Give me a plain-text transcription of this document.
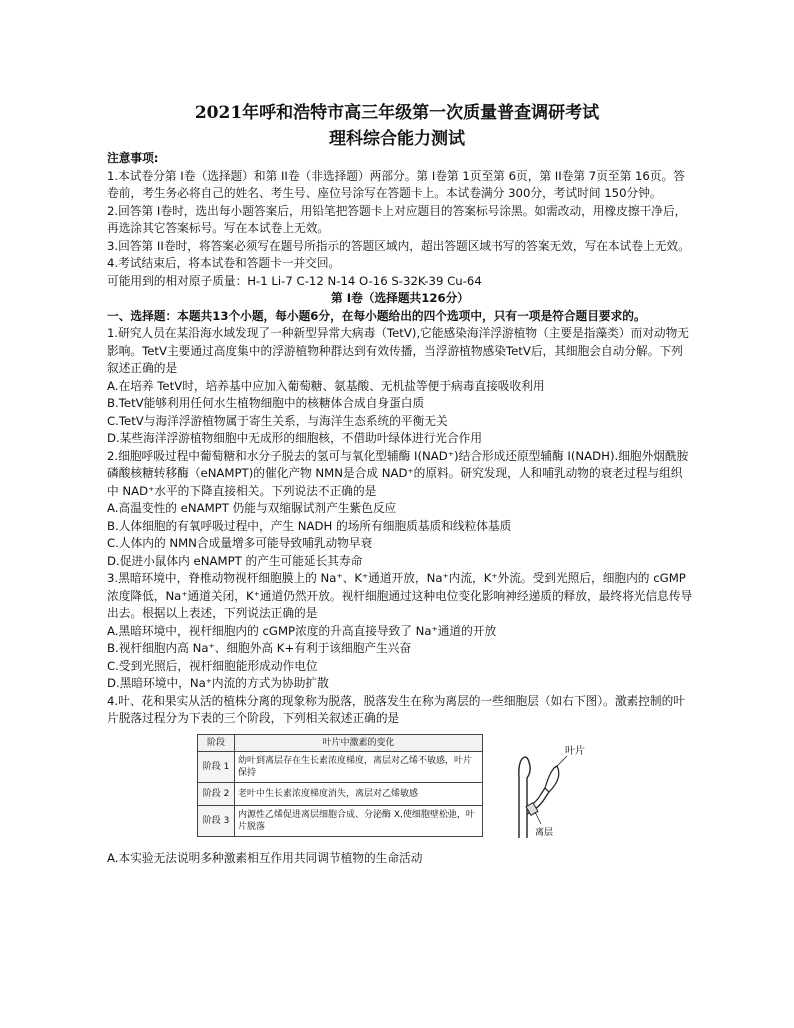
2021年呼和浩特市高三年级第一次质量普查调研考试
理科综合能力测试

注意事项:

1.本试卷分第 I卷（选择题）和第 II卷（非选择题）两部分。第 I卷第 1页至第 6页，第 II卷第 7页至第 16页。答卷前，考生务必将自己的姓名、考生号、座位号涂写在答题卡上。本试卷满分 300分，考试时间 150分钟。

2.回答第 I卷时，选出每小题答案后，用铅笔把答题卡上对应题目的答案标号涂黑。如需改动，用橡皮擦干净后，再选涂其它答案标号。写在本试卷上无效。

3.回答第 II卷时，将答案必须写在题号所指示的答题区域内，超出答题区域书写的答案无效，写在本试卷上无效。

4.考试结束后，将本试卷和答题卡一并交回。

可能用到的相对原子质量：H-1 Li-7 C-12 N-14 O-16 S-32K-39 Cu-64

第 I卷（选择题共126分）

一、选择题：本题共13个小题，每小题6分，在每小题给出的四个选项中，只有一项是符合题目要求的。

1.研究人员在某沿海水域发现了一种新型异常大病毒（TetV),它能感染海洋浮游植物（主要是指藻类）而对动物无影响。TetV主要通过高度集中的浮游植物种群达到有效传播，当浮游植物感染TetV后，其细胞会自动分解。下列叙述正确的是

A.在培养 TetV时，培养基中应加入葡萄糖、氨基酸、无机盐等便于病毒直接吸收利用

B.TetV能够利用任何水生植物细胞中的核糖体合成自身蛋白质

C.TetV与海洋浮游植物属于寄生关系，与海洋生态系统的平衡无关

D.某些海洋浮游植物细胞中无成形的细胞核，不借助叶绿体进行光合作用

2.细胞呼吸过程中葡萄糖和水分子脱去的氢可与氧化型辅酶 I(NAD⁺)结合形成还原型辅酶 I(NADH).细胞外烟酰胺磷酸核糖转移酶（eNAMPT)的催化产物 NMN是合成 NAD⁺的原料。研究发现，人和哺乳动物的衰老过程与组织中 NAD⁺水平的下降直接相关。下列说法不正确的是

A.高温变性的 eNAMPT 仍能与双缩脲试剂产生紫色反应

B.人体细胞的有氧呼吸过程中，产生 NADH 的场所有细胞质基质和线粒体基质

C.人体内的 NMN合成量增多可能导致哺乳动物早衰

D.促进小鼠体内 eNAMPT 的产生可能延长其寿命

3.黑暗环境中，脊椎动物视杆细胞膜上的 Na⁺、K⁺通道开放，Na⁺内流，K⁺外流。受到光照后，细胞内的 cGMP浓度降低，Na⁺通道关闭，K⁺通道仍然开放。视杆细胞通过这种电位变化影响神经递质的释放，最终将光信息传导出去。根据以上表述，下列说法正确的是

A.黑暗环境中，视杆细胞内的 cGMP浓度的升高直接导致了 Na⁺通道的开放

B.视杆细胞内高 Na⁺、细胞外高 K+有利于该细胞产生兴奋

C.受到光照后，视杆细胞能形成动作电位

D.黑暗环境中，Na⁺内流的方式为协助扩散

4.叶、花和果实从活的植株分离的现象称为脱落，脱落发生在称为离层的一些细胞层（如右下图）。激素控制的叶片脱落过程分为下表的三个阶段，下列相关叙述正确的是

阶段	叶片中激素的变化
阶段 1	幼叶到离层存在生长素浓度梯度，离层对乙烯不敏感，叶片保持
阶段 2	老叶中生长素浓度梯度消失，离层对乙烯敏感
阶段 3	内源性乙烯促进离层细胞合成、分泌酶 X,使细胞壁松弛，叶片脱落
叶片
离层

A.本实验无法说明多种激素相互作用共同调节植物的生命活动
